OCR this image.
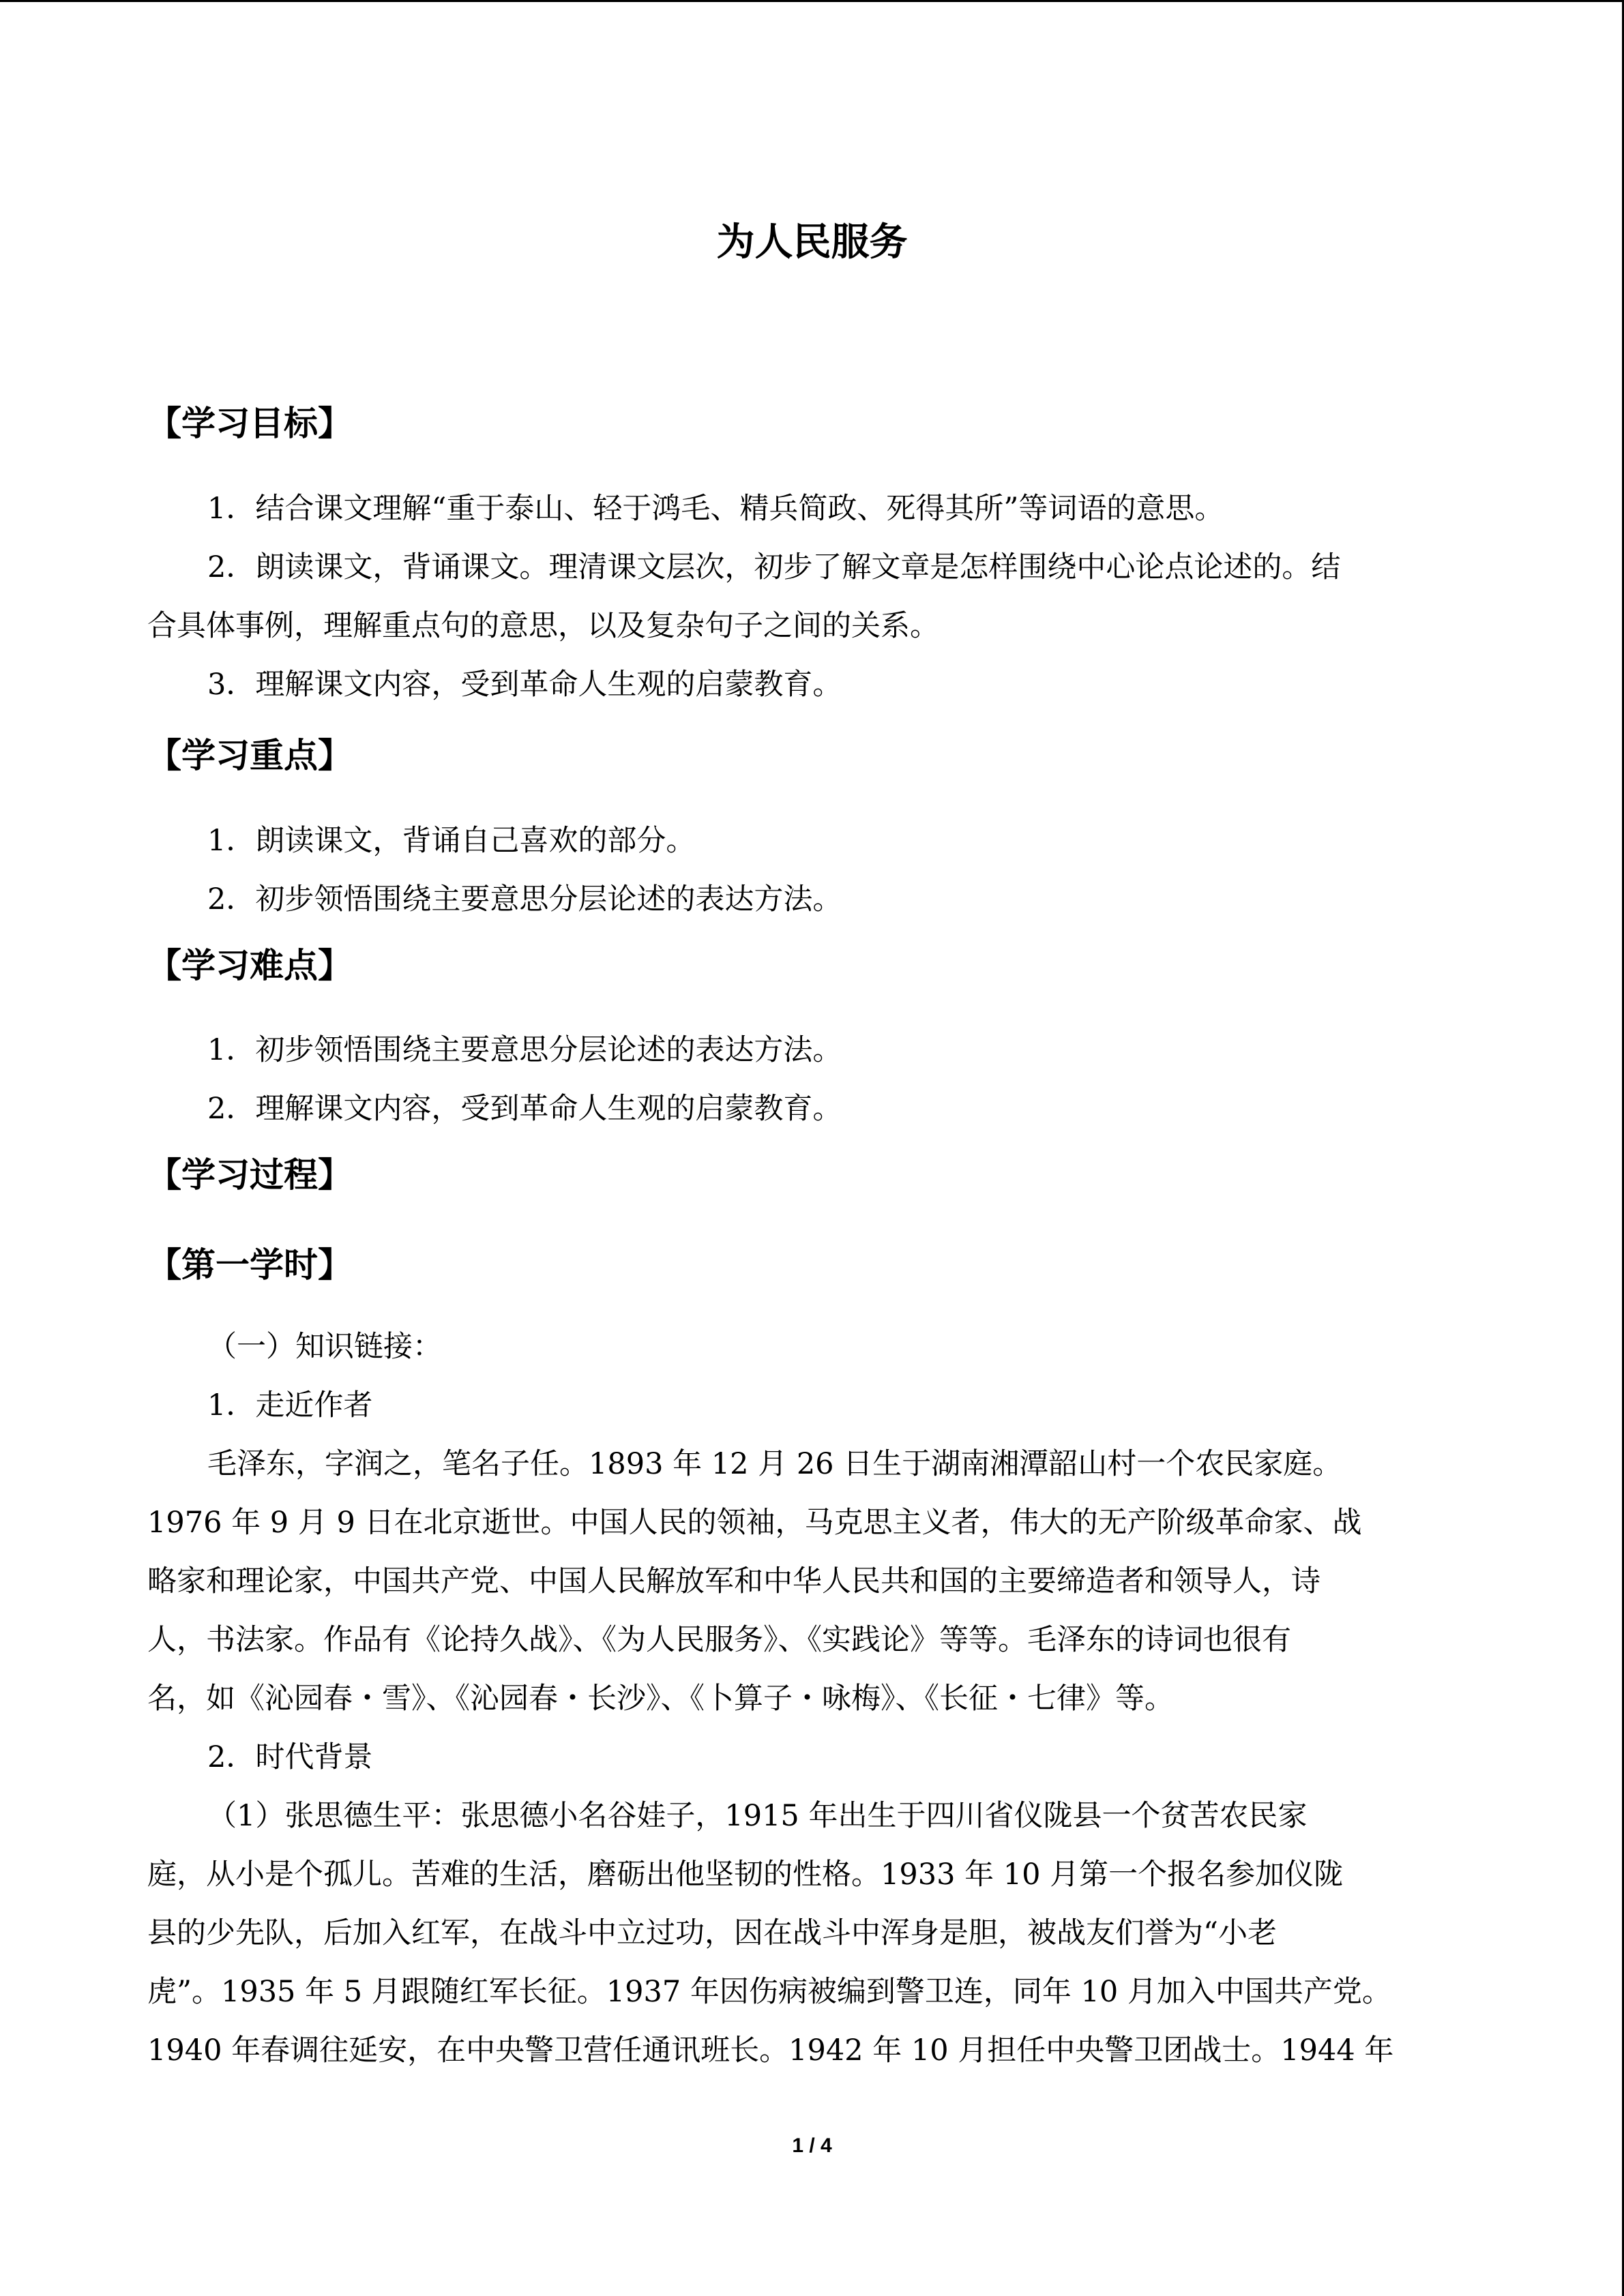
为人民服务
【学习目标】
1．结合课文理解“重于泰山、轻于鸿毛、精兵简政、死得其所”等词语的意思。
2．朗读课文，背诵课文。理清课文层次，初步了解文章是怎样围绕中心论点论述的。结
合具体事例，理解重点句的意思，以及复杂句子之间的关系。
3．理解课文内容，受到革命人生观的启蒙教育。
【学习重点】
1．朗读课文，背诵自己喜欢的部分。
2．初步领悟围绕主要意思分层论述的表达方法。
【学习难点】
1．初步领悟围绕主要意思分层论述的表达方法。
2．理解课文内容，受到革命人生观的启蒙教育。
【学习过程】
【第一学时】
（一）知识链接：
1．走近作者
毛泽东，字润之，笔名子任。1893 年 12 月 26 日生于湖南湘潭韶山村一个农民家庭。
1976 年 9 月 9 日在北京逝世。中国人民的领袖，马克思主义者，伟大的无产阶级革命家、战
略家和理论家，中国共产党、中国人民解放军和中华人民共和国的主要缔造者和领导人，诗
人，书法家。作品有《论持久战》、《为人民服务》、《实践论》等等。毛泽东的诗词也很有
名，如《沁园春・雪》、《沁园春・长沙》、《卜算子・咏梅》、《长征・七律》等。
2．时代背景
（1）张思德生平：张思德小名谷娃子，1915 年出生于四川省仪陇县一个贫苦农民家
庭，从小是个孤儿。苦难的生活，磨砺出他坚韧的性格。1933 年 10 月第一个报名参加仪陇
县的少先队，后加入红军，在战斗中立过功，因在战斗中浑身是胆，被战友们誉为“小老
虎”。1935 年 5 月跟随红军长征。1937 年因伤病被编到警卫连，同年 10 月加入中国共产党。
1940 年春调往延安，在中央警卫营任通讯班长。1942 年 10 月担任中央警卫团战士。1944 年
1 / 4
